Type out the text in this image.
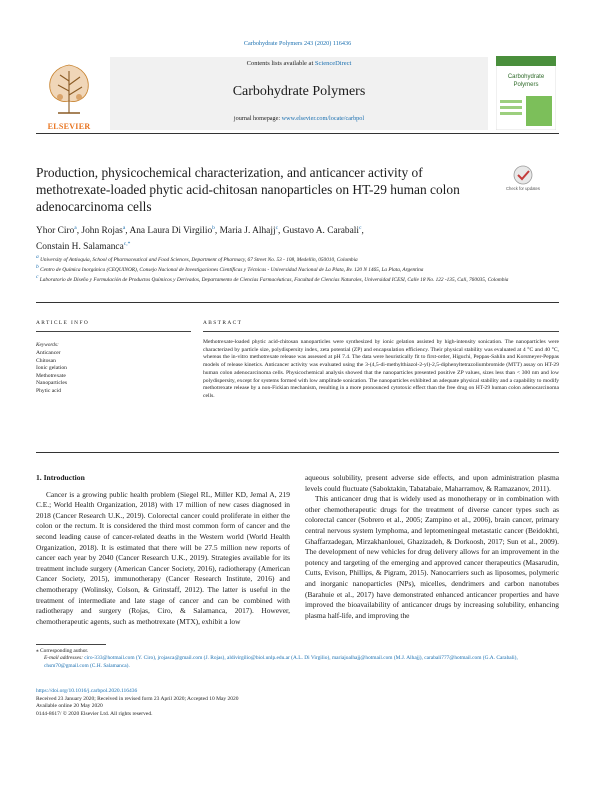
Carbohydrate Polymers 243 (2020) 116436
ELSEVIER
Contents lists available at ScienceDirect
Carbohydrate Polymers
journal homepage: www.elsevier.com/locate/carbpol
Carbohydrate
Polymers
Production, physicochemical characterization, and anticancer activity of methotrexate-loaded phytic acid-chitosan nanoparticles on HT-29 human colon adenocarcinoma cells
Check for updates
Yhor Ciro$^a$, John Rojas$^a$, Ana Laura Di Virgilio$^b$, Maria J. Alhajj$^c$, Gustavo A. Carabali$^c$,
Constain H. Salamanca$^{c,*}$
$^a$ University of Antioquia, School of Pharmaceutical and Food Sciences, Department of Pharmacy, 67 Street No. 53 - 108, Medellín, 050010, Colombia
$^b$ Centro de Química Inorgánica (CEQUINOR), Consejo Nacional de Investigaciones Científicas y Técnicas - Universidad Nacional de La Plata, Bv. 120 N 1465, La Plata, Argentina
$^c$ Laboratorio de Diseño y Formulación de Productos Químicos y Derivados, Departamento de Ciencias Farmacéuticas, Facultad de Ciencias Naturales, Universidad ICESI, Calle 18 No. 122 -135, Cali, 760035, Colombia
ARTICLE INFO	ABSTRACT
Keywords:
Anticancer
Chitosan
Ionic gelation
Methotrexate
Nanoparticles
Phytic acid
Methotrexate-loaded phytic acid-chitosan nanoparticles were synthesized by ionic gelation assisted by high-intensity sonication. The nanoparticles were characterized by particle size, polydispersity index, zeta potential (ZP) and encapsulation efficiency. Their physical stability was evaluated at 4 °C and 40 °C, whereas the in-vitro methotrexate release was assessed at pH 7.4. The data were heuristically fit to first-order, Higuchi, Peppas-Sahlin and Korsmeyer-Peppas models of release kinetics. Anticancer activity was evaluated using the 3-(4,5-di-methylthiazol-2-yl)-2,5-diphenyltetrazoliumbromide (MTT) assay on HT-29 human colon adenocarcinoma cells. Physicochemical analysis showed that the nanoparticles presented positive ZP values, sizes less than < 300 nm and low polydispersity, except for systems formed with low amplitude sonication. The nanoparticles exhibited an adequate physical stability and a capability to modify methotrexate release by a non-Fickian mechanism, resulting in a more pronounced cytotoxic effect than the free drug on HT-29 human colon adenocarcinoma cells.

1. Introduction

Cancer is a growing public health problem (Siegel RL, Miller KD, Jemal A, 219 C.E.; World Health Organization, 2018) with 17 million of new cases diagnosed in 2018 (Cancer Research U.K., 2019). Colorectal cancer could proliferate in either the colon or the rectum. It is considered the third most common form of cancer and the second leading cause of cancer-related deaths in the Western world (World Health Organization, 2018). It is estimated that there will be 27.5 million new reports of cancer each year by 2040 (Cancer Research U.K., 2019). Strategies available for its treatment include surgery (American Cancer Society, 2016), radiotherapy (American Cancer Society, 2015), immunotherapy (Cancer Research Institute, 2016) and chemotherapy (Wolinsky, Colson, & Grinstaff, 2012). The latter is useful in the treatment of intermediate and late stage of cancer and can be combined with radiotherapy and surgery (Rojas, Ciro, & Salamanca, 2017). However, chemotherapeutic agents, such as methotrexate (MTX), exhibit a low

aqueous solubility, present adverse side effects, and upon administration plasma levels could fluctuate (Saboktakin, Tabatabaie, Maharramov, & Ramazanov, 2011).

This anticancer drug that is widely used as monotherapy or in combination with other chemotherapeutic drugs for the treatment of diverse cancer types such as colorectal cancer (Sobrero et al., 2005; Zampino et al., 2006), brain cancer, primary central nervous system lymphoma, and leptomeningeal metastatic cancer (Beidokhti, Ghaffarzadegan, Mirzakhanlouei, Ghazizadeh, & Dorkoosh, 2017; Sun et al., 2009). The development of new vehicles for drug delivery allows for an improvement in the potency and targeting of the emerging and approved cancer therapeutics (Masarudin, Cutts, Evison, Phillips, & Pigram, 2015). Nanocarriers such as liposomes, polymeric and inorganic nanoparticles (NPs), micelles, dendrimers and carbon nanotubes (Barahuie et al., 2017) have demonstrated enhanced anticancer properties and have improved the bioavailability of anticancer drugs by increasing solubility, enhancing plasma half-life, and improving the

⁎ Corresponding author.
E-mail addresses: ciro-333@hotmail.com (Y. Ciro), jrojasca@gmail.com (J. Rojas), aldivirgilio@biol.unlp.edu.ar (A.L. Di Virgilio), mariajoalhajj@hotmail.com (M.J. Alhajj), carabali777@hotmail.com (G.A. Carabali), chsm70@gmail.com (C.H. Salamanca).
https://doi.org/10.1016/j.carbpol.2020.116436
Received 23 January 2020; Received in revised form 23 April 2020; Accepted 10 May 2020
Available online 20 May 2020
0144-8617/ © 2020 Elsevier Ltd. All rights reserved.
